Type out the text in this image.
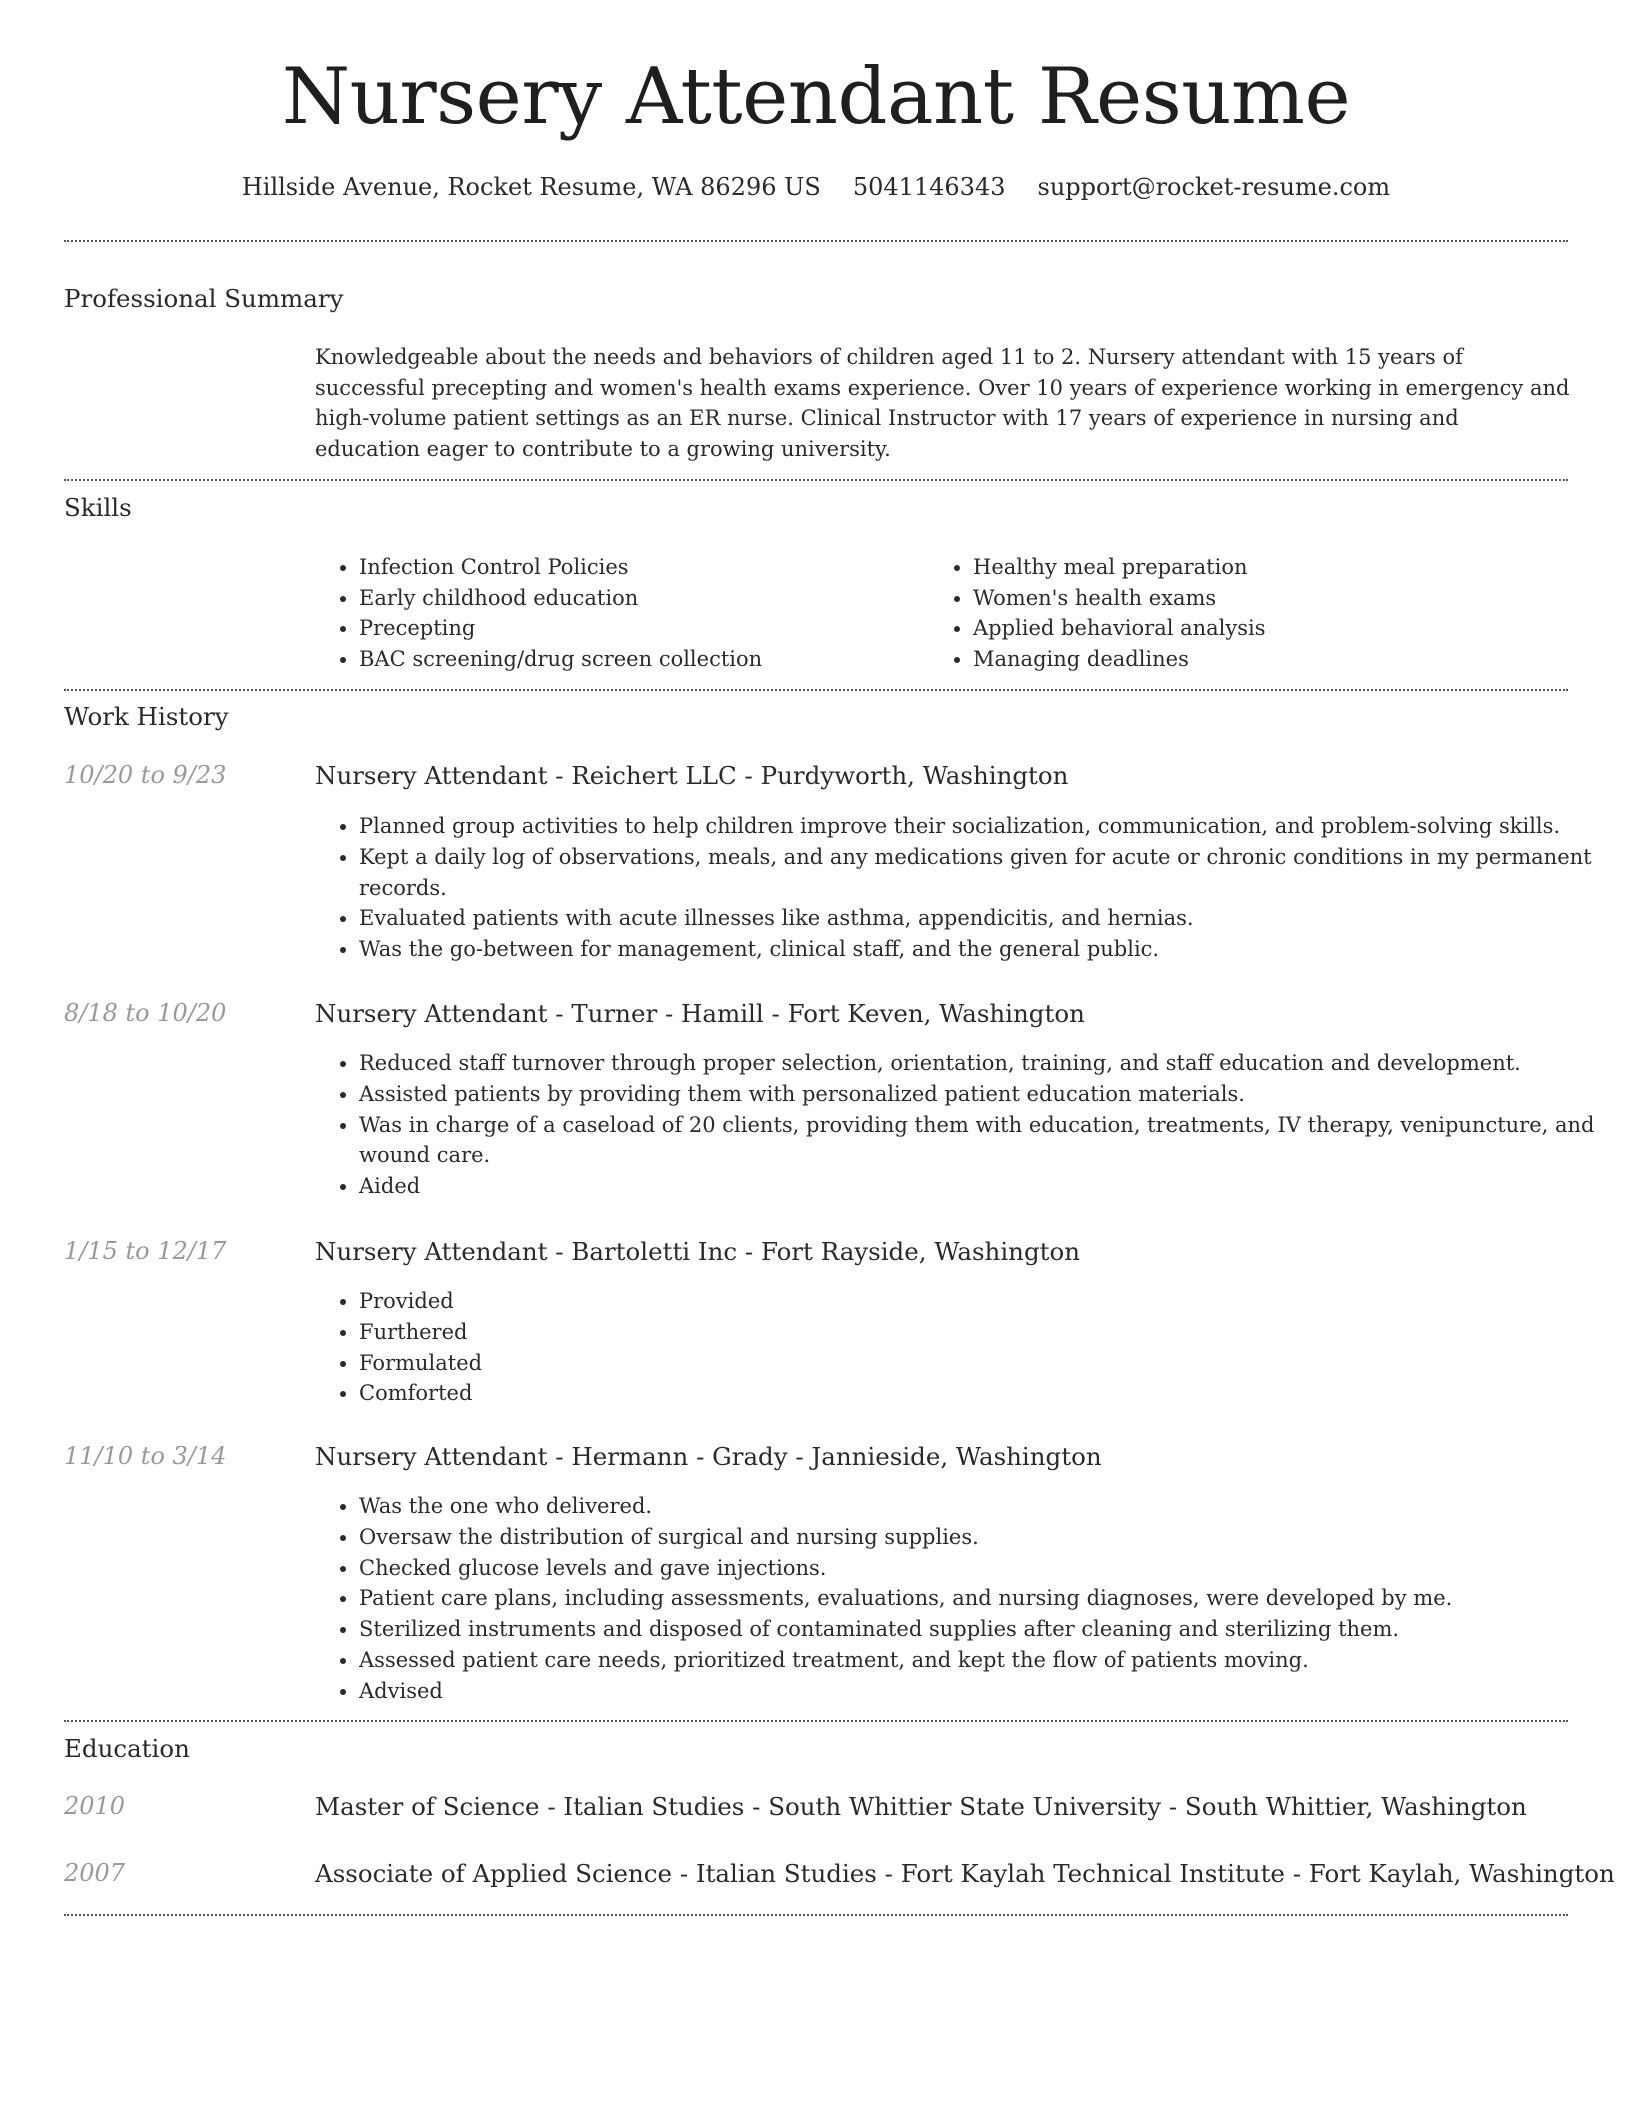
Nursery Attendant Resume
Hillside Avenue, Rocket Resume, WA 86296 US 5041146343 support@rocket-resume.com
Professional Summary
Knowledgeable about the needs and behaviors of children aged 11 to 2. Nursery attendant with 15 years of successful precepting and women's health exams experience. Over 10 years of experience working in emergency and high-volume patient settings as an ER nurse. Clinical Instructor with 17 years of experience in nursing and education eager to contribute to a growing university.
Skills
• Infection Control Policies
• Early childhood education
• Precepting
• BAC screening/drug screen collection
• Healthy meal preparation
• Women's health exams
• Applied behavioral analysis
• Managing deadlines
Work History
10/20 to 9/23	Nursery Attendant - Reichert LLC - Purdyworth, Washington
• Planned group activities to help children improve their socialization, communication, and problem-solving skills.
• Kept a daily log of observations, meals, and any medications given for acute or chronic conditions in my permanent records.
• Evaluated patients with acute illnesses like asthma, appendicitis, and hernias.
• Was the go-between for management, clinical staff, and the general public.
8/18 to 10/20	Nursery Attendant - Turner - Hamill - Fort Keven, Washington
• Reduced staff turnover through proper selection, orientation, training, and staff education and development.
• Assisted patients by providing them with personalized patient education materials.
• Was in charge of a caseload of 20 clients, providing them with education, treatments, IV therapy, venipuncture, and wound care.
• Aided
1/15 to 12/17	Nursery Attendant - Bartoletti Inc - Fort Rayside, Washington
• Provided
• Furthered
• Formulated
• Comforted
11/10 to 3/14	Nursery Attendant - Hermann - Grady - Jannieside, Washington
• Was the one who delivered.
• Oversaw the distribution of surgical and nursing supplies.
• Checked glucose levels and gave injections.
• Patient care plans, including assessments, evaluations, and nursing diagnoses, were developed by me.
• Sterilized instruments and disposed of contaminated supplies after cleaning and sterilizing them.
• Assessed patient care needs, prioritized treatment, and kept the flow of patients moving.
• Advised
Education
2010	Master of Science - Italian Studies - South Whittier State University - South Whittier, Washington
2007	Associate of Applied Science - Italian Studies - Fort Kaylah Technical Institute - Fort Kaylah, Washington
